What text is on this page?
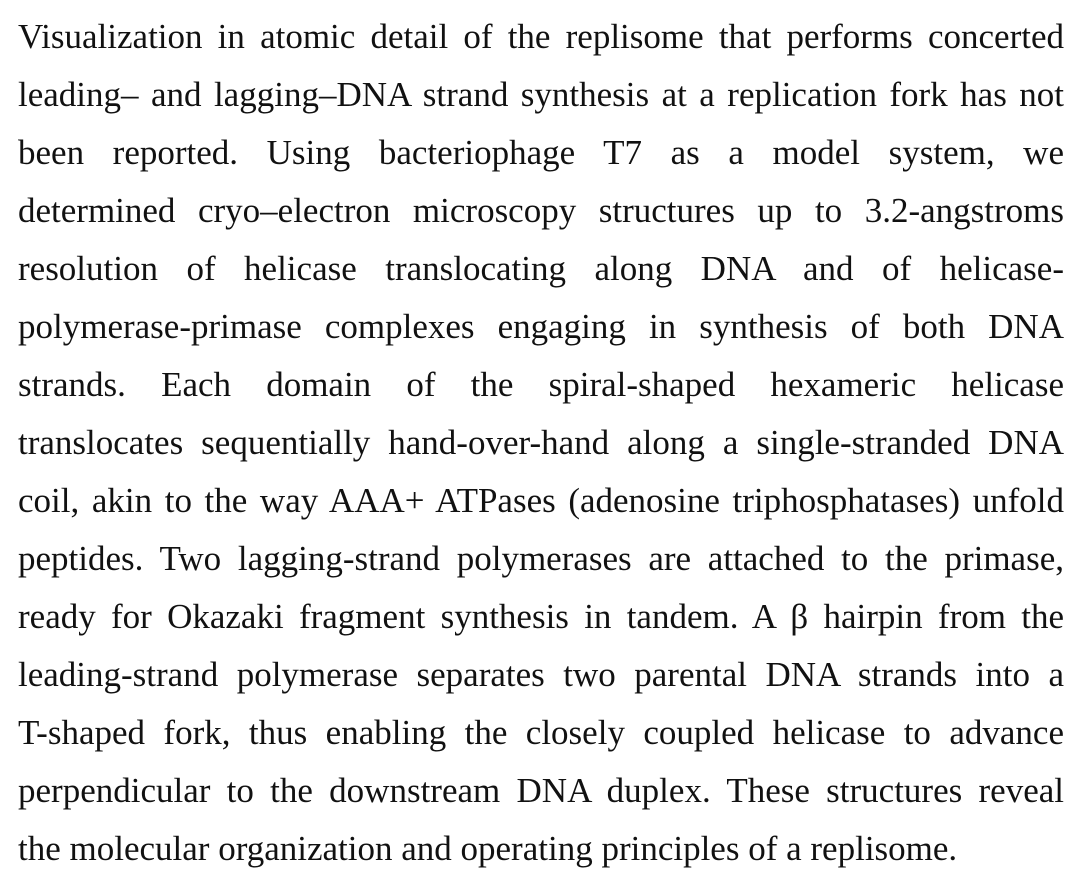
Visualization in atomic detail of the replisome that performs concerted
leading– and lagging–DNA strand synthesis at a replication fork has not
been reported. Using bacteriophage T7 as a model system, we
determined cryo–electron microscopy structures up to 3.2-angstroms
resolution of helicase translocating along DNA and of helicase-
polymerase-primase complexes engaging in synthesis of both DNA
strands. Each domain of the spiral-shaped hexameric helicase
translocates sequentially hand-over-hand along a single-stranded DNA
coil, akin to the way AAA+ ATPases (adenosine triphosphatases) unfold
peptides. Two lagging-strand polymerases are attached to the primase,
ready for Okazaki fragment synthesis in tandem. A β hairpin from the
leading-strand polymerase separates two parental DNA strands into a
T-shaped fork, thus enabling the closely coupled helicase to advance
perpendicular to the downstream DNA duplex. These structures reveal
the molecular organization and operating principles of a replisome.
